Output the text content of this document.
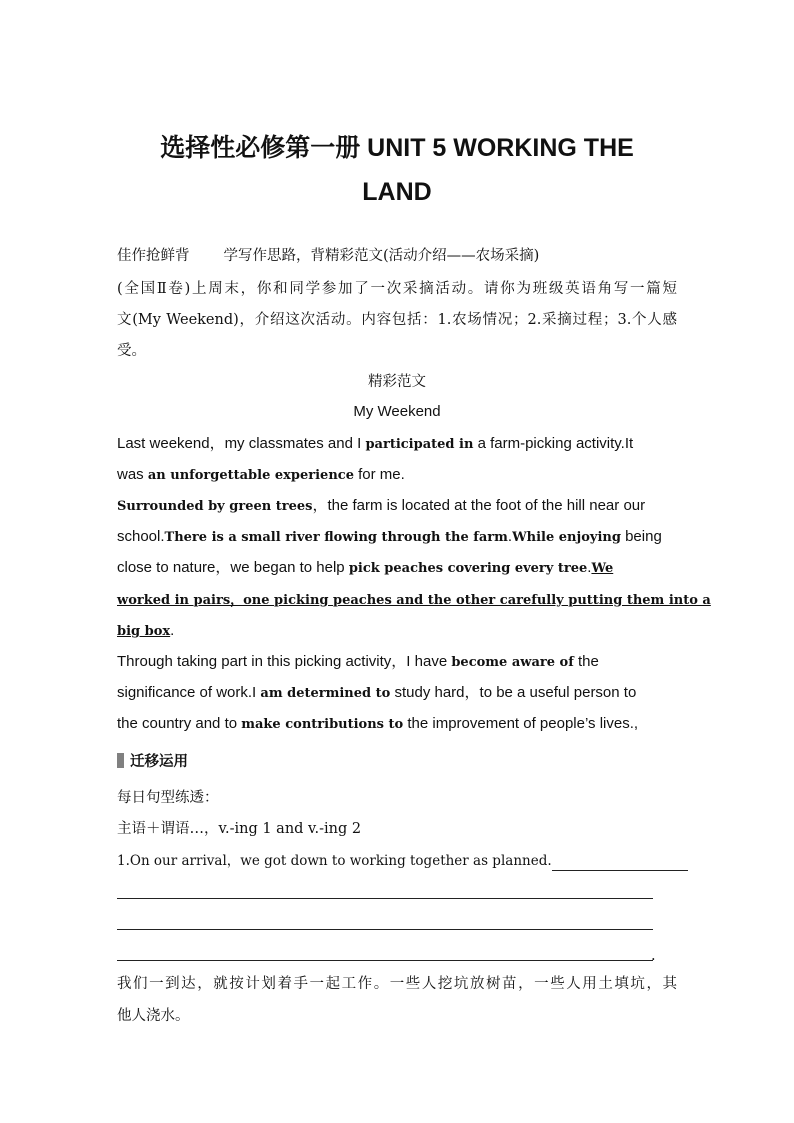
选择性必修第一册 UNIT 5 WORKING THE
LAND
佳作抢鲜背 学写作思路，背精彩范文(活动介绍——农场采摘)
(全国Ⅱ卷)上周末，你和同学参加了一次采摘活动。请你为班级英语角写一篇短
文(My Weekend)，介绍这次活动。内容包括：1.农场情况；2.采摘过程；3.个人感
受。
精彩范文
My Weekend
Last weekend，my classmates and I participated in a farm-picking activity.It
was an unforgettable experience for me.
Surrounded by green trees，the farm is located at the foot of the hill near our
school.There is a small river flowing through the farm.While enjoying being
close to nature，we began to help pick peaches covering every tree.We
worked in pairs，one picking peaches and the other carefully putting them into a
big box.
Through taking part in this picking activity，I have become aware of the
significance of work.I am determined to study hard，to be a useful person to
the country and to make contributions to the improvement of people’s lives.,
迁移运用
每日句型练透：
主语＋谓语…，v.-ing 1 and v.-ing 2
1.On our arrival，we got down to working together as planned.
.
我们一到达，就按计划着手一起工作。一些人挖坑放树苗，一些人用土填坑，其
他人浇水。
